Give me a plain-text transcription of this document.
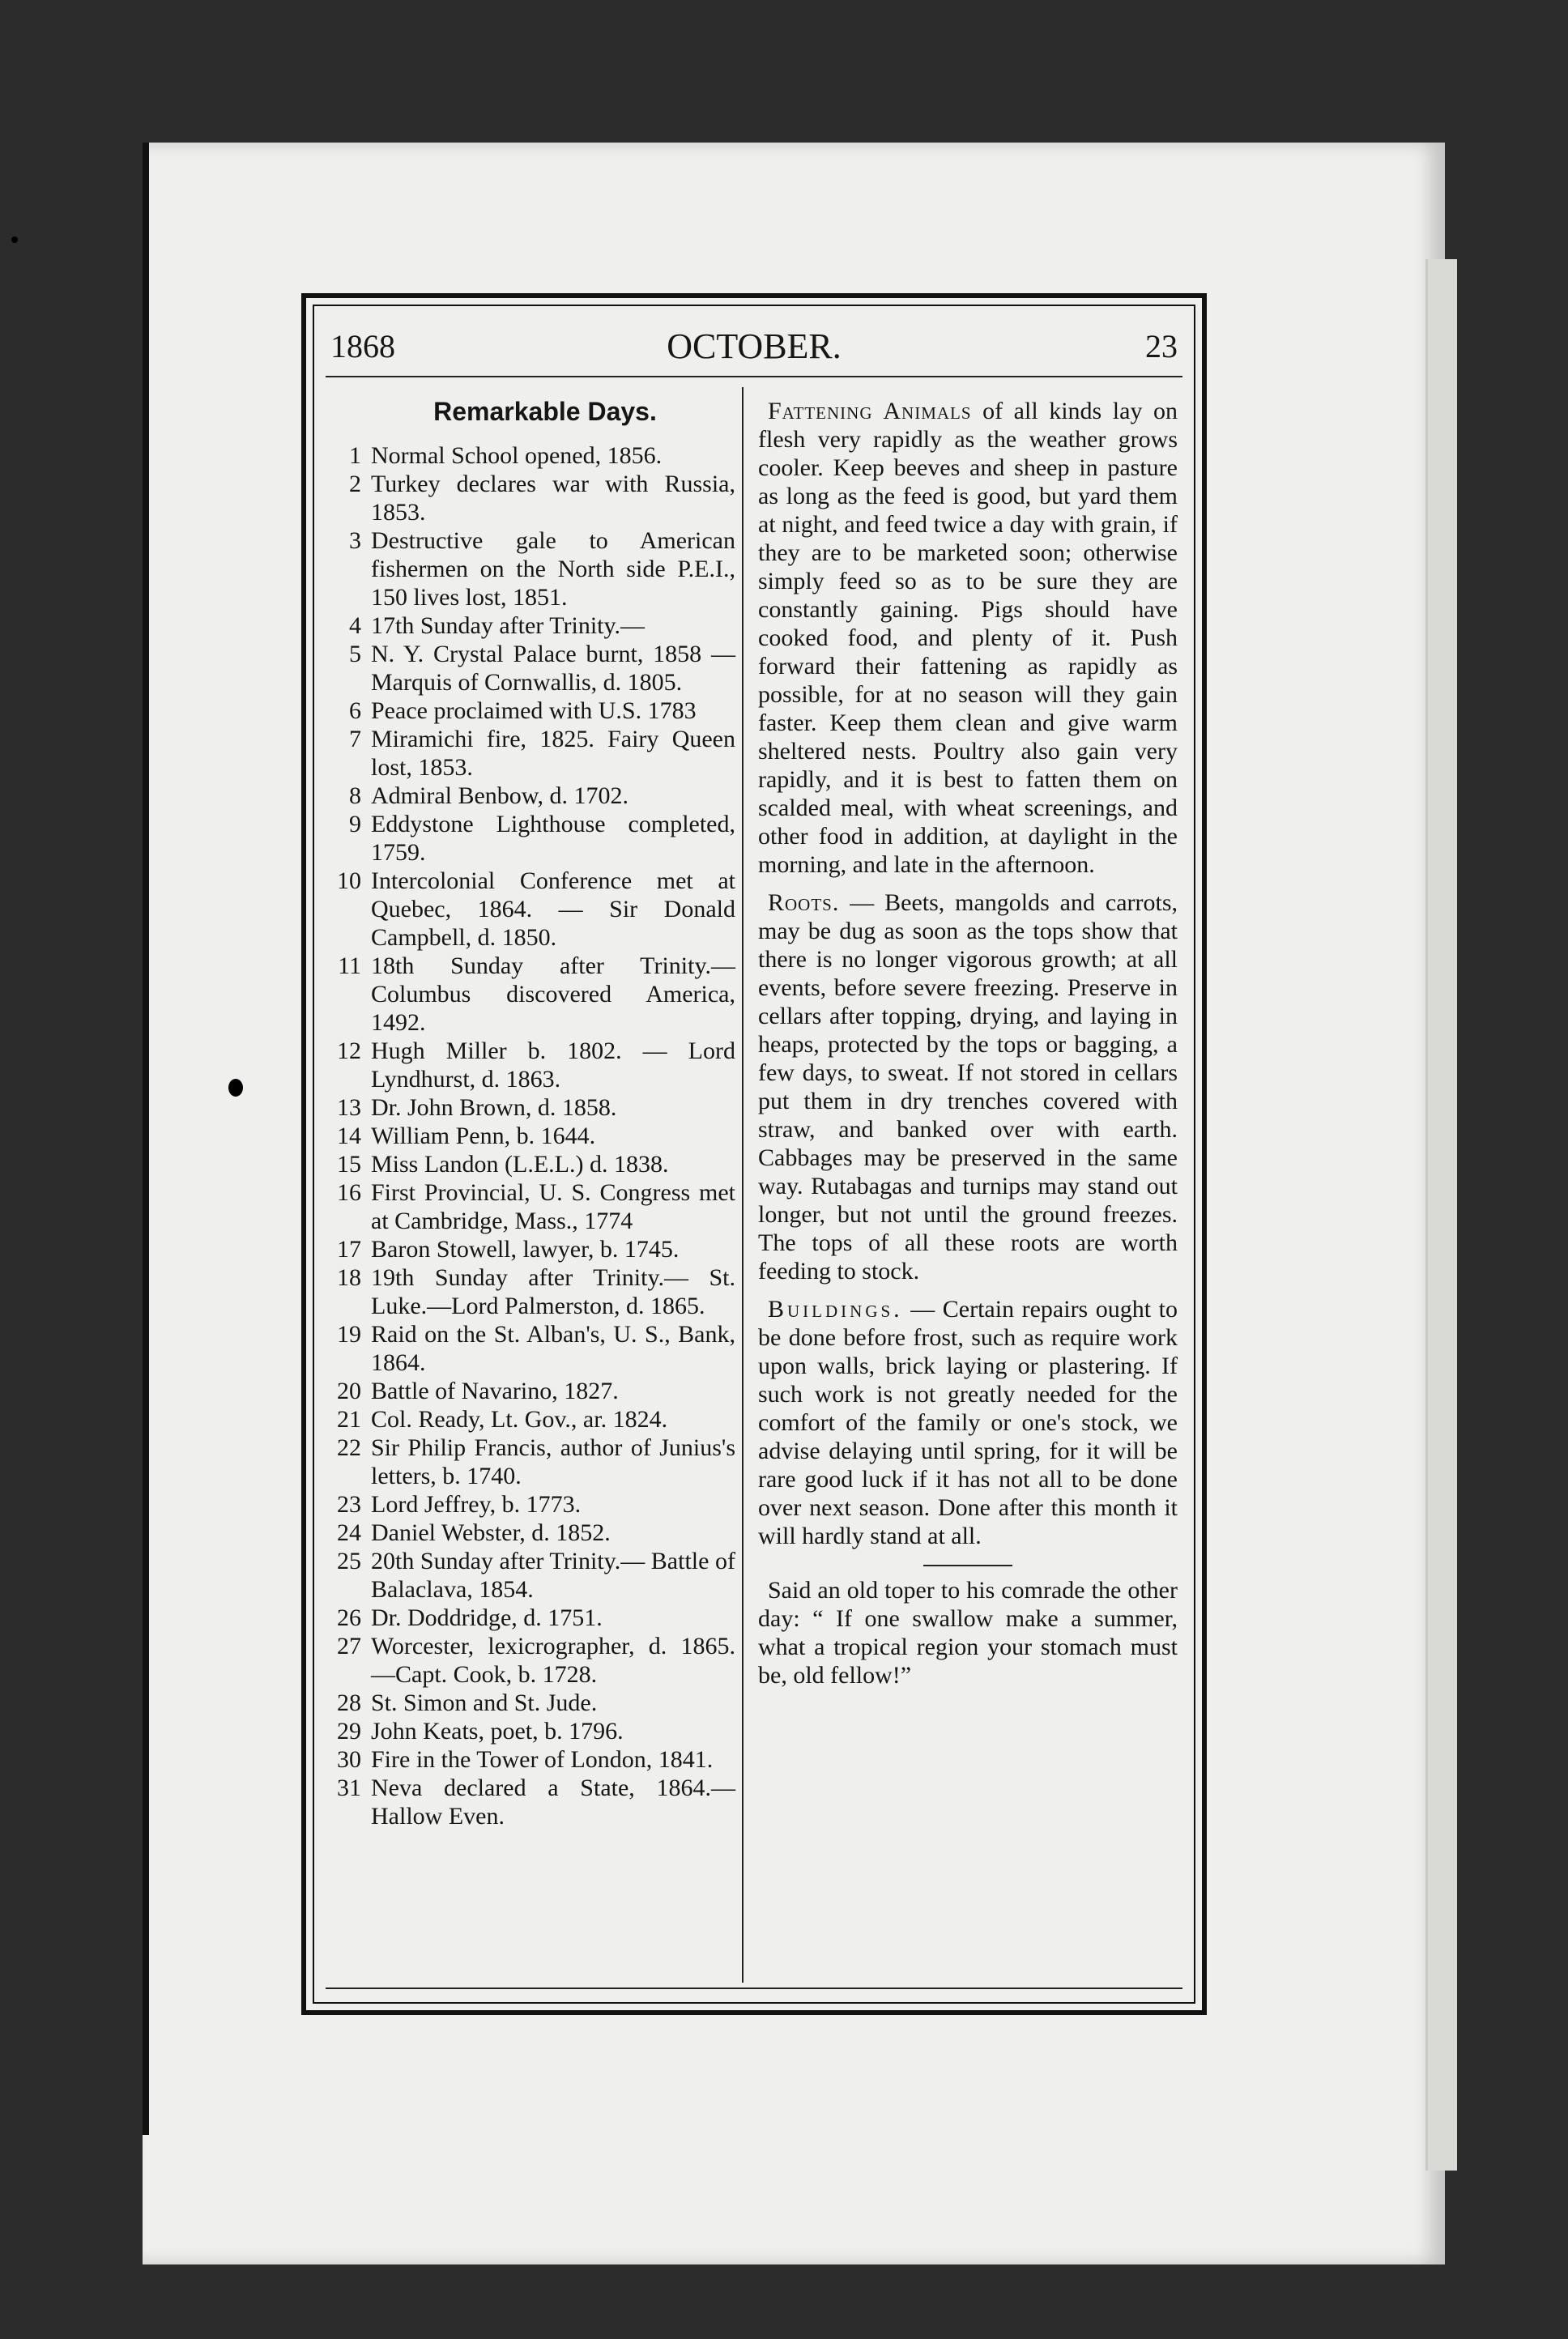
1868	OCTOBER.	23
Remarkable Days.
1 Normal School opened, 1856.
2 Turkey declares war with Russia, 1853.
3 Destructive gale to American fishermen on the North side P.E.I., 150 lives lost, 1851.
4 17th Sunday after Trinity.—
5 N. Y. Crystal Palace burnt, 1858 —Marquis of Cornwallis, d. 1805.
6 Peace proclaimed with U.S. 1783
7 Miramichi fire, 1825. Fairy Queen lost, 1853.
8 Admiral Benbow, d. 1702.
9 Eddystone Lighthouse completed, 1759.
10 Intercolonial Conference met at Quebec, 1864. — Sir Donald Campbell, d. 1850.
11 18th Sunday after Trinity.— Columbus discovered America, 1492.
12 Hugh Miller b. 1802. — Lord Lyndhurst, d. 1863.
13 Dr. John Brown, d. 1858.
14 William Penn, b. 1644.
15 Miss Landon (L.E.L.) d. 1838.
16 First Provincial, U. S. Congress met at Cambridge, Mass., 1774
17 Baron Stowell, lawyer, b. 1745.
18 19th Sunday after Trinity.— St. Luke.—Lord Palmerston, d. 1865.
19 Raid on the St. Alban's, U. S., Bank, 1864.
20 Battle of Navarino, 1827.
21 Col. Ready, Lt. Gov., ar. 1824.
22 Sir Philip Francis, author of Junius's letters, b. 1740.
23 Lord Jeffrey, b. 1773.
24 Daniel Webster, d. 1852.
25 20th Sunday after Trinity.— Battle of Balaclava, 1854.
26 Dr. Doddridge, d. 1751.
27 Worcester, lexicrographer, d. 1865.—Capt. Cook, b. 1728.
28 St. Simon and St. Jude.
29 John Keats, poet, b. 1796.
30 Fire in the Tower of London, 1841.
31 Neva declared a State, 1864.— Hallow Even.

Fattening Animals of all kinds lay on flesh very rapidly as the weather grows cooler. Keep beeves and sheep in pasture as long as the feed is good, but yard them at night, and feed twice a day with grain, if they are to be marketed soon; otherwise simply feed so as to be sure they are constantly gaining. Pigs should have cooked food, and plenty of it. Push forward their fattening as rapidly as possible, for at no season will they gain faster. Keep them clean and give warm sheltered nests. Poultry also gain very rapidly, and it is best to fatten them on scalded meal, with wheat screenings, and other food in addition, at daylight in the morning, and late in the afternoon.

Roots. — Beets, mangolds and carrots, may be dug as soon as the tops show that there is no longer vigorous growth; at all events, before severe freezing. Preserve in cellars after topping, drying, and laying in heaps, protected by the tops or bagging, a few days, to sweat. If not stored in cellars put them in dry trenches covered with straw, and banked over with earth. Cabbages may be preserved in the same way. Rutabagas and turnips may stand out longer, but not until the ground freezes. The tops of all these roots are worth feeding to stock.

Buildings. — Certain repairs ought to be done before frost, such as require work upon walls, brick laying or plastering. If such work is not greatly needed for the comfort of the family or one's stock, we advise delaying until spring, for it will be rare good luck if it has not all to be done over next season. Done after this month it will hardly stand at all.

Said an old toper to his comrade the other day: “ If one swallow make a summer, what a tropical region your stomach must be, old fellow!”
